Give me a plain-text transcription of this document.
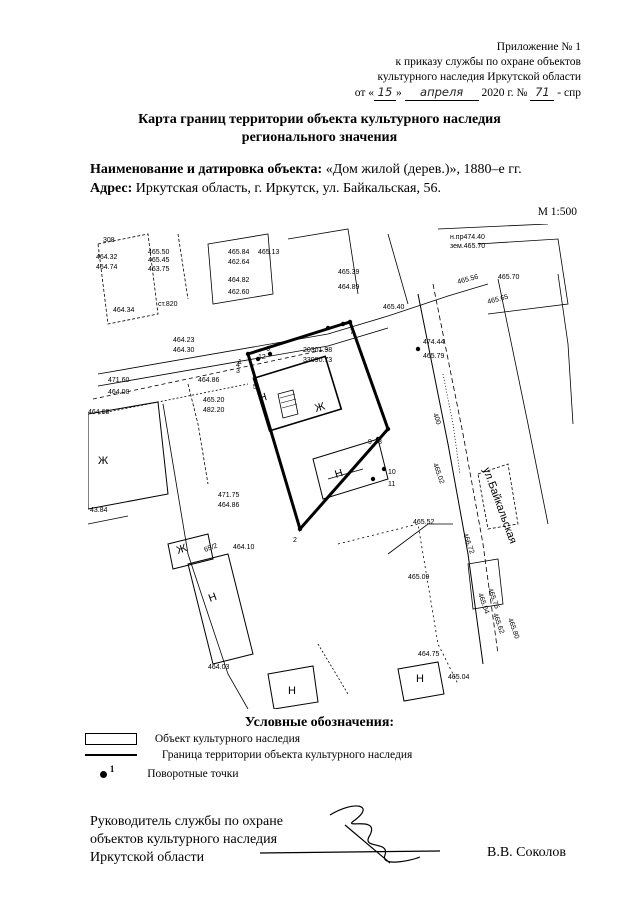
Приложение № 1
к приказу службы по охране объектов
культурного наследия Иркутской области
от « 15 » апреля 2020 г. № 71 - спр
Карта границ территории объекта культурного наследия
регионального значения
Наименование и датировка объекта: «Дом жилой (дерев.)», 1880–е гг.
Адрес: Иркутская область, г. Иркутск, ул. Байкальская, 56.
М 1:500
465.50
465.45
463.75
465.84
462.64
465.13
464.82
462.60
465.39
464.89
464.32
464.74
464.34
464.23
464.30
471.60
464.00
464.68
464.86
465.20
482.20
471.75
464.86
464.10
464.03
464.75
465.04
465.75
474.44
465.79
465.40
465.70
465.02
465.52
465.09
466.72
465.04
465.62 465.80
465.56
465.65
ст.820
зем.465.70
н.пр474.40
65/2
43.84
400
308
ул.Байкальская
20301.98
33090.73
Ж
Ж
Ж
Н
Н
Н
Н
Н
1
2
3
4
5
6
7
8
9
10
11
12
Условные обозначения:
Объект культурного наследия
Граница территории объекта культурного наследия
$^1$	Поворотные точки
Руководитель службы по охране
объектов культурного наследия
Иркутской области	В.В. Соколов
